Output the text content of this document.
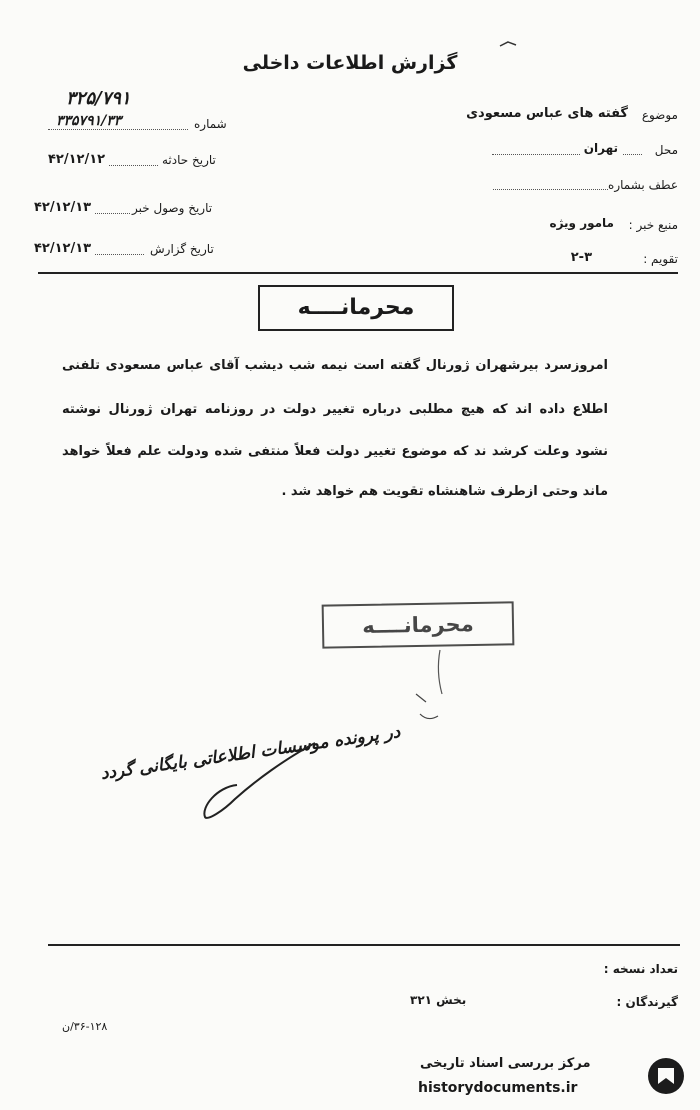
گزارش اطلاعات داخلی
موضوع
گفته های عباس مسعودی
محل
تهران
عطف بشماره
منبع خبر :
مامور ویژه
تقویم :
۲-۳
۳۲۵/۷۹۱
۳۳۵۷۹۱/۳۳	شماره
۴۲/۱۲/۱۲	تاریخ حادثه
۴۲/۱۲/۱۳	تاریخ وصول خبر
۴۲/۱۲/۱۳	تاریخ گزارش
محرمانــــه
امروزسرد بیرشهران ژورنال گفته است نیمه شب دیشب آقای عباس مسعودی تلفنی
اطلاع داده اند که هیچ مطلبی درباره تغییر دولت در روزنامه تهران ژورنال نوشته
نشود وعلت کرشد ند که موضوع تغییر دولت فعلاً منتفی شده ودولت علم فعلاً خواهد
ماند وحتی ازطرف شاهنشاه تقویت هم خواهد شد .
محرمانــــه
در پرونده موسسات اطلاعاتی بایگانی گردد
تعداد نسخه :
گیرندگان :
بخش ۳۲۱
۳۶-۱۲۸/ن
مرکز بررسی اسناد تاریخی
historydocuments.ir
